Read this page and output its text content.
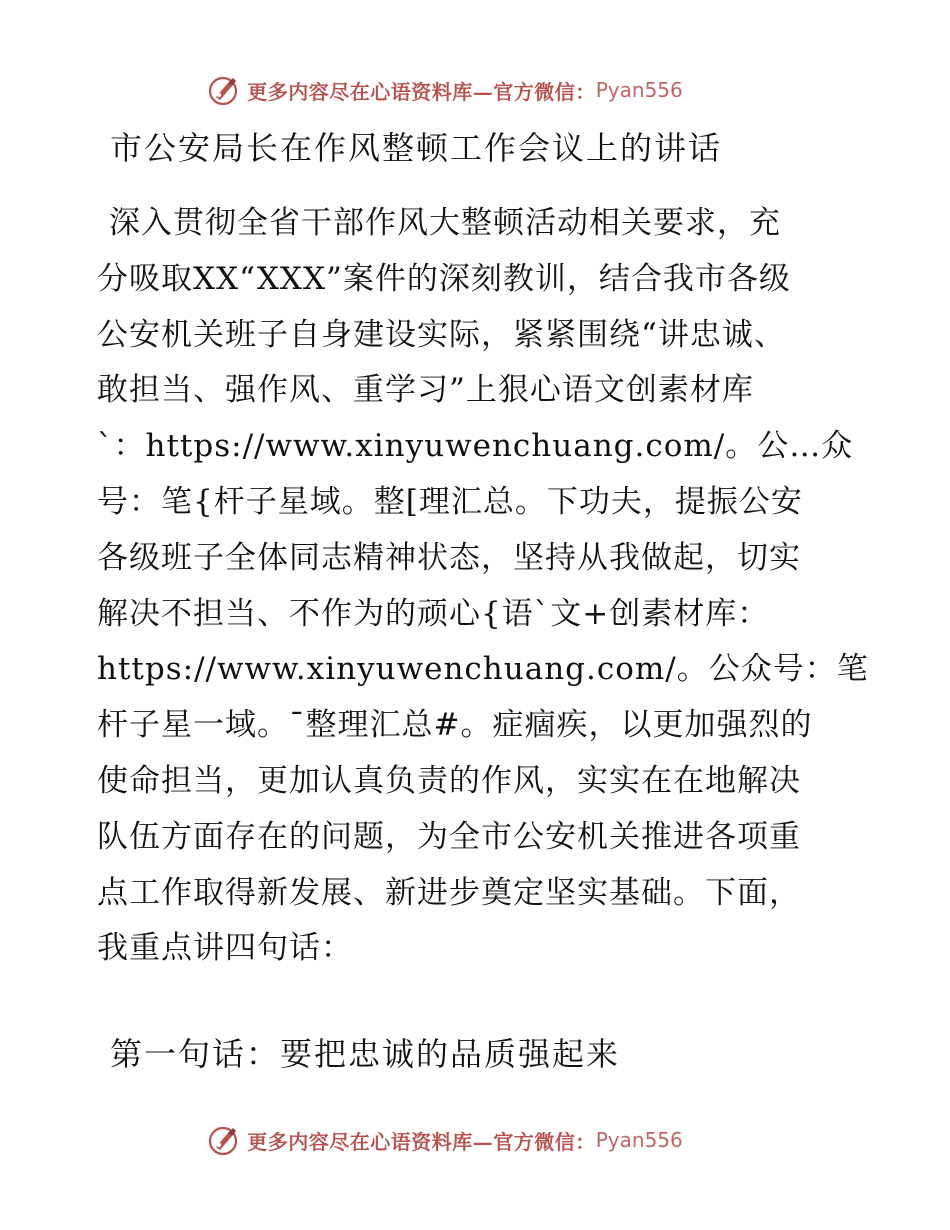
更多内容尽在心语资料库—官方微信： Pyan556
市公安局长在作风整顿工作会议上的讲话
深入贯彻全省干部作风大整顿活动相关要求，充
分吸取XX“XXX”案件的深刻教训，结合我市各级
公安机关班子自身建设实际，紧紧围绕“讲忠诚、
敢担当、强作风、重学习”上狠心语文创素材库
`：https://www.xinyuwenchuang.com/。公…众
号：笔{杆子星域。整[理汇总。下功夫，提振公安
各级班子全体同志精神状态，坚持从我做起，切实
解决不担当、不作为的顽心{语`文+创素材库：
https://www.xinyuwenchuang.com/。公众号：笔
杆子星一域。¯整理汇总#。症痼疾，以更加强烈的
使命担当，更加认真负责的作风，实实在在地解决
队伍方面存在的问题，为全市公安机关推进各项重
点工作取得新发展、新进步奠定坚实基础。下面，
我重点讲四句话：
第一句话：要把忠诚的品质强起来
更多内容尽在心语资料库—官方微信： Pyan556
